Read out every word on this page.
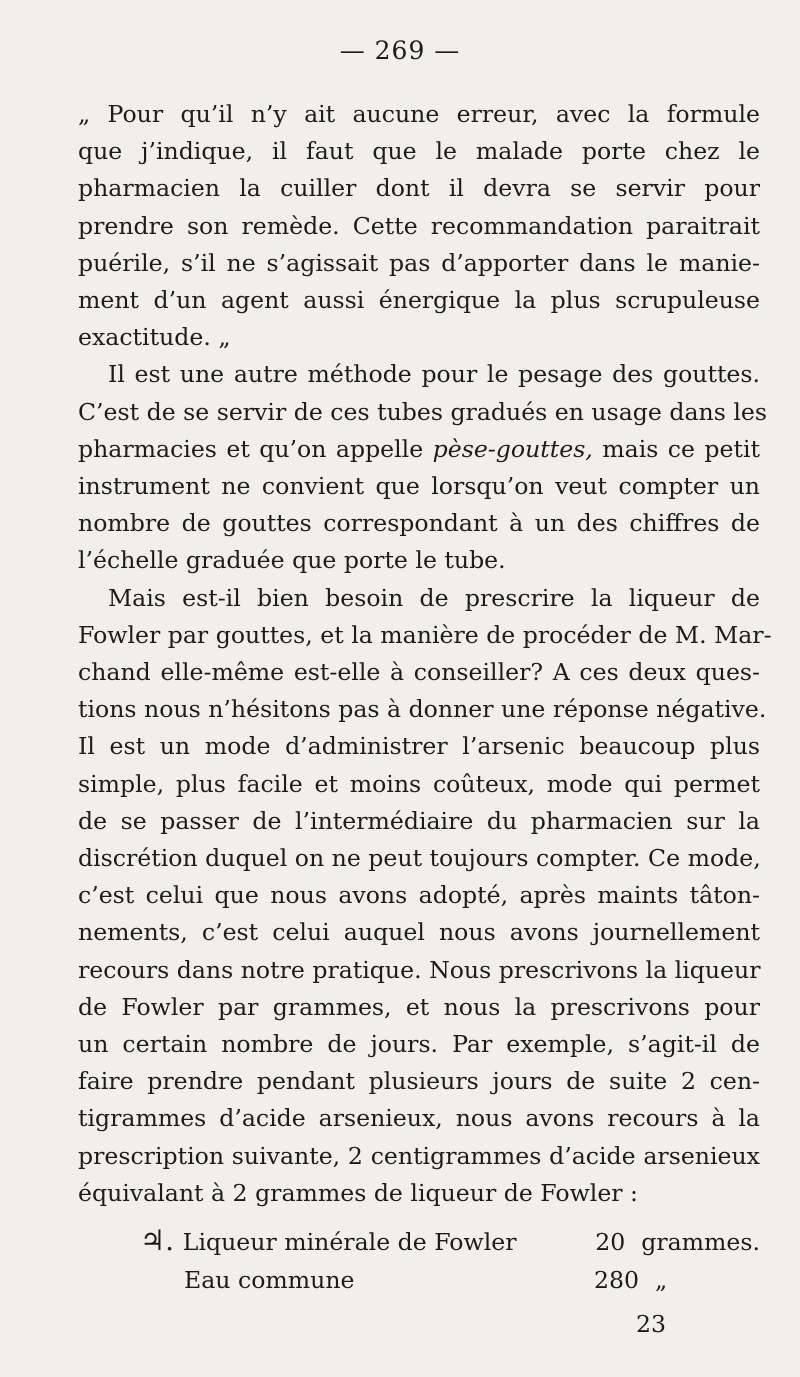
— 269 —

„ Pour qu’il n’y ait aucune erreur, avec la formule
que j’indique, il faut que le malade porte chez le
pharmacien la cuiller dont il devra se servir pour
prendre son remède. Cette recommandation paraitrait
puérile, s’il ne s’agissait pas d’apporter dans le manie-
ment d’un agent aussi énergique la plus scrupuleuse
exactitude. „

Il est une autre méthode pour le pesage des gouttes.
C’est de se servir de ces tubes gradués en usage dans les
pharmacies et qu’on appelle pèse-gouttes, mais ce petit
instrument ne convient que lorsqu’on veut compter un
nombre de gouttes correspondant à un des chiffres de
l’échelle graduée que porte le tube.

Mais est-il bien besoin de prescrire la liqueur de
Fowler par gouttes, et la manière de procéder de M. Mar-
chand elle-même est-elle à conseiller? A ces deux ques-
tions nous n’hésitons pas à donner une réponse négative.
Il est un mode d’administrer l’arsenic beaucoup plus
simple, plus facile et moins coûteux, mode qui permet
de se passer de l’intermédiaire du pharmacien sur la
discrétion duquel on ne peut toujours compter. Ce mode,
c’est celui que nous avons adopté, après maints tâton-
nements, c’est celui auquel nous avons journellement
recours dans notre pratique. Nous prescrivons la liqueur
de Fowler par grammes, et nous la prescrivons pour
un certain nombre de jours. Par exemple, s’agit-il de
faire prendre pendant plusieurs jours de suite 2 cen-
tigrammes d’acide arsenieux, nous avons recours à la
prescription suivante, 2 centigrammes d’acide arsenieux
équivalant à 2 grammes de liqueur de Fowler :

♃. Liqueur minérale de Fowler	20 grammes.
Eau commune	280 „
23
